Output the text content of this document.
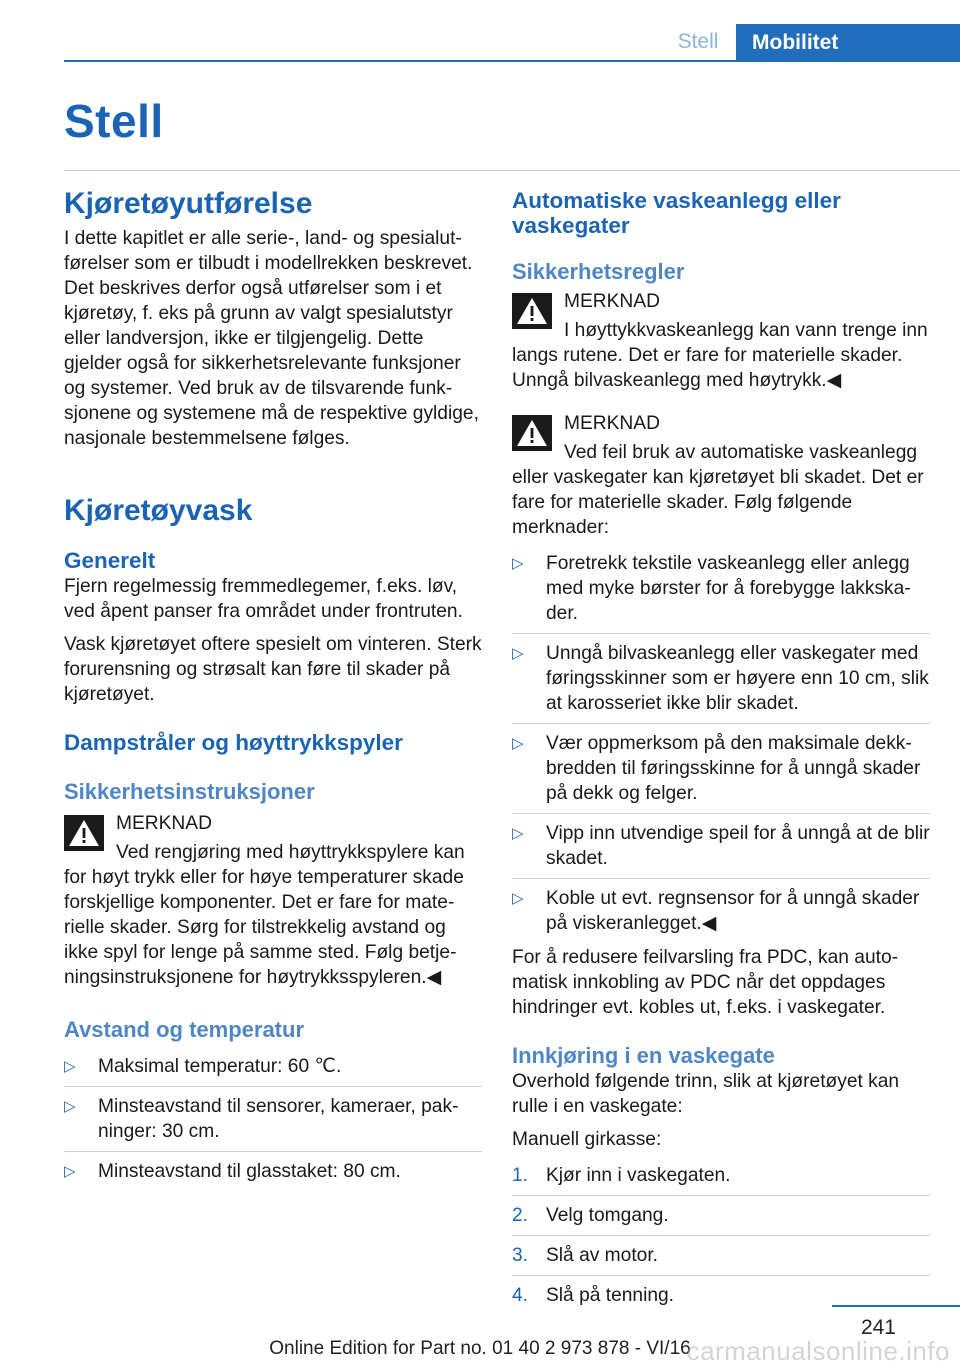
Stell	Mobilitet
Stell
Kjøretøyutførelse

I dette kapitlet er alle serie-, land- og spesialutførelser som er tilbudt i modellrekken beskrevet. Det beskrives derfor også utførelser som i et kjøretøy, f. eks på grunn av valgt spesialutstyr eller landversjon, ikke er tilgjengelig. Dette gjelder også for sikkerhetsrelevante funksjoner og systemer. Ved bruk av de tilsvarende funksjonene og systemene må de respektive gyldige, nasjonale bestemmelsene følges.

Kjøretøyvask
Generelt

Fjern regelmessig fremmedlegemer, f.eks. løv, ved åpent panser fra området under frontruten.

Vask kjøretøyet oftere spesielt om vinteren. Sterk forurensning og strøsalt kan føre til skader på kjøretøyet.

Dampstråler og høyttrykkspyler
Sikkerhetsinstruksjoner
MERKNAD

Ved rengjøring med høyttrykkspylere kan for høyt trykk eller for høye temperaturer skade forskjellige komponenter. Det er fare for materielle skader. Sørg for tilstrekkelig avstand og ikke spyl for lenge på samme sted. Følg betjeningsinstruksjonene for høytrykksspyleren.◀

Avstand og temperatur
▷ Maksimal temperatur: 60 ℃.
▷ Minsteavstand til sensorer, kameraer, pakninger: 30 cm.
▷ Minsteavstand til glasstaket: 80 cm.
Automatiske vaskeanlegg eller vaskegater
Sikkerhetsregler
MERKNAD

I høyttykkvaskeanlegg kan vann trenge inn langs rutene. Det er fare for materielle skader. Unngå bilvaskeanlegg med høytrykk.◀

MERKNAD

Ved feil bruk av automatiske vaskeanlegg eller vaskegater kan kjøretøyet bli skadet. Det er fare for materielle skader. Følg følgende merknader:

▷ Foretrekk tekstile vaskeanlegg eller anlegg med myke børster for å forebygge lakkskader.
▷ Unngå bilvaskeanlegg eller vaskegater med føringsskinner som er høyere enn 10 cm, slik at karosseriet ikke blir skadet.
▷ Vær oppmerksom på den maksimale dekkbredden til føringsskinne for å unngå skader på dekk og felger.
▷ Vipp inn utvendige speil for å unngå at de blir skadet.
▷ Koble ut evt. regnsensor for å unngå skader på viskeranlegget.◀

For å redusere feilvarsling fra PDC, kan automatisk innkobling av PDC når det oppdages hindringer evt. kobles ut, f.eks. i vaskegater.

Innkjøring i en vaskegate

Overhold følgende trinn, slik at kjøretøyet kan rulle i en vaskegate:

Manuell girkasse:

1. Kjør inn i vaskegaten.
2. Velg tomgang.
3. Slå av motor.
4. Slå på tenning.
241
Online Edition for Part no. 01 40 2 973 878 - VI/16
carmanualsonline.info
